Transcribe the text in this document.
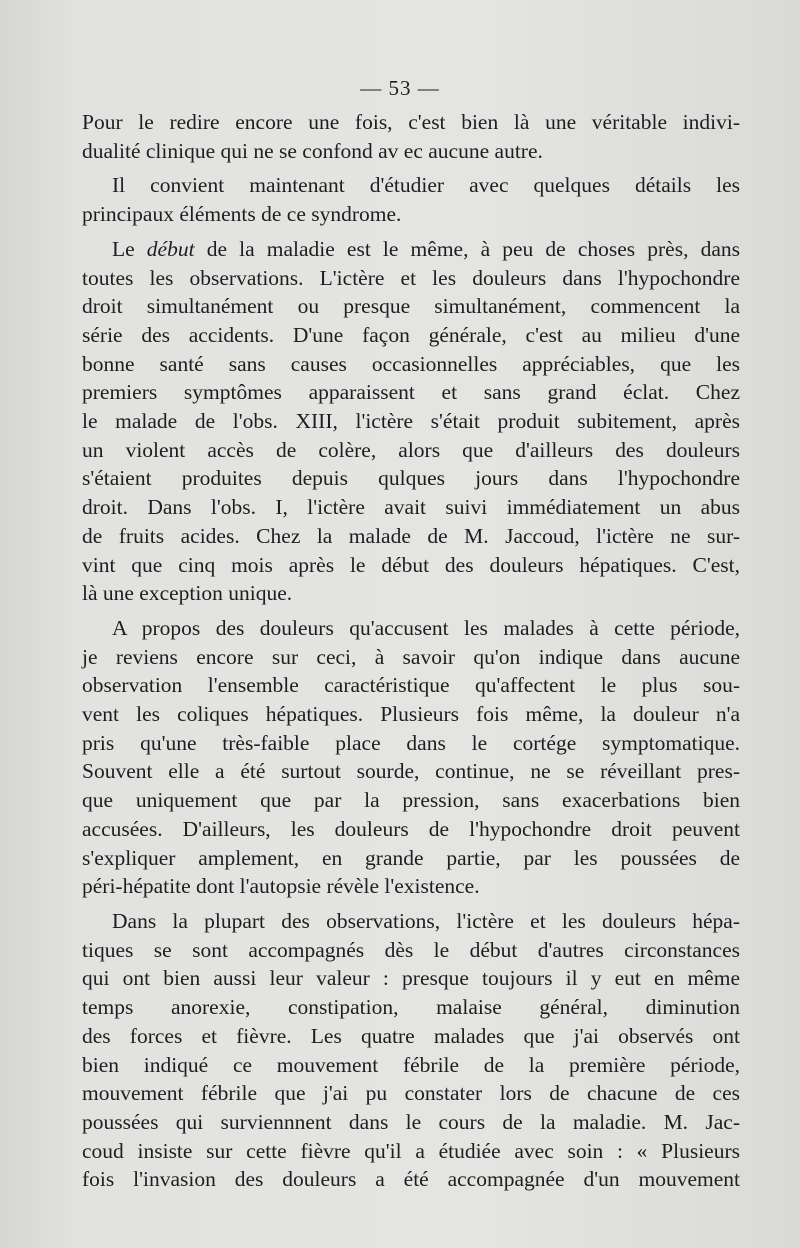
— 53 —
Pour le redire encore une fois, c'est bien là une véritable indivi-
dualité clinique qui ne se confond av ec aucune autre.
Il convient maintenant d'étudier avec quelques détails les
principaux éléments de ce syndrome.
Le début de la maladie est le même, à peu de choses près, dans
toutes les observations. L'ictère et les douleurs dans l'hypochondre
droit simultanément ou presque simultanément, commencent la
série des accidents. D'une façon générale, c'est au milieu d'une
bonne santé sans causes occasionnelles appréciables, que les
premiers symptômes apparaissent et sans grand éclat. Chez
le malade de l'obs. XIII, l'ictère s'était produit subitement, après
un violent accès de colère, alors que d'ailleurs des douleurs
s'étaient produites depuis qulques jours dans l'hypochondre
droit. Dans l'obs. I, l'ictère avait suivi immédiatement un abus
de fruits acides. Chez la malade de M. Jaccoud, l'ictère ne sur-
vint que cinq mois après le début des douleurs hépatiques. C'est,
là une exception unique.
A propos des douleurs qu'accusent les malades à cette période,
je reviens encore sur ceci, à savoir qu'on indique dans aucune
observation l'ensemble caractéristique qu'affectent le plus sou-
vent les coliques hépatiques. Plusieurs fois même, la douleur n'a
pris qu'une très-faible place dans le cortége symptomatique.
Souvent elle a été surtout sourde, continue, ne se réveillant pres-
que uniquement que par la pression, sans exacerbations bien
accusées. D'ailleurs, les douleurs de l'hypochondre droit peuvent
s'expliquer amplement, en grande partie, par les poussées de
péri-hépatite dont l'autopsie révèle l'existence.
Dans la plupart des observations, l'ictère et les douleurs hépa-
tiques se sont accompagnés dès le début d'autres circonstances
qui ont bien aussi leur valeur : presque toujours il y eut en même
temps anorexie, constipation, malaise général, diminution
des forces et fièvre. Les quatre malades que j'ai observés ont
bien indiqué ce mouvement fébrile de la première période,
mouvement fébrile que j'ai pu constater lors de chacune de ces
poussées qui surviennnent dans le cours de la maladie. M. Jac-
coud insiste sur cette fièvre qu'il a étudiée avec soin : « Plusieurs
fois l'invasion des douleurs a été accompagnée d'un mouvement
